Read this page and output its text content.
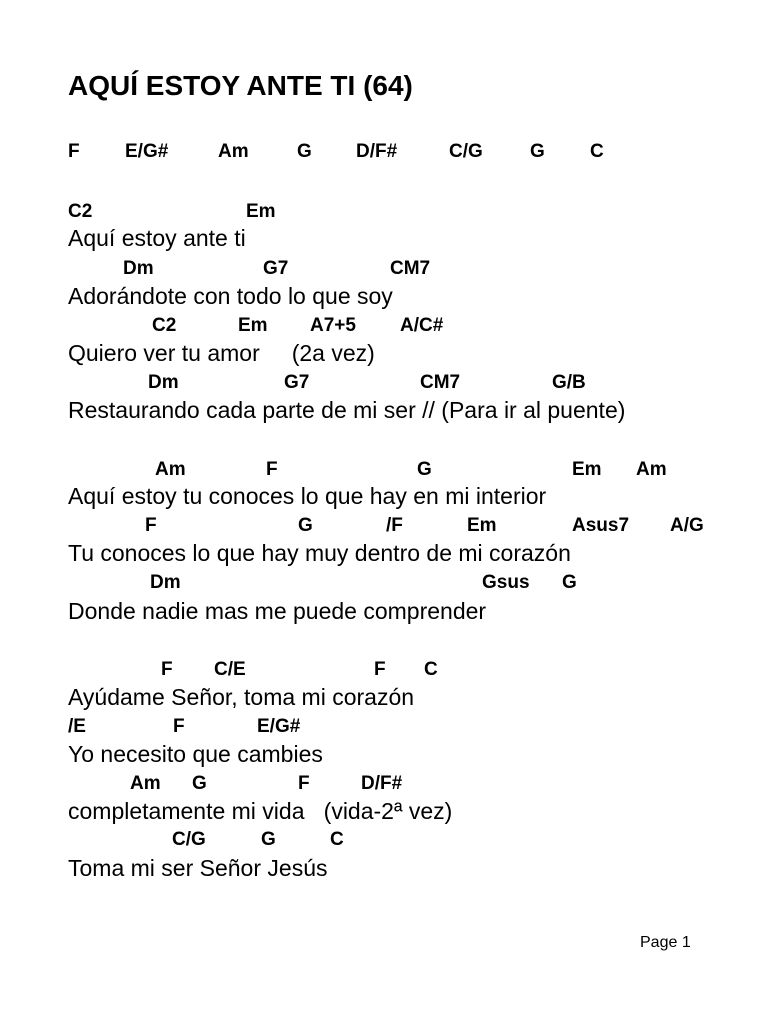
AQUÍ ESTOY ANTE TI (64)
F E/G#	Am	G D/F#	C/G G C
C2	Em
Aquí estoy ante ti
Dm	G7	CM7
Adorándote con todo lo que soy
C2	Em A7+5 A/C#
Quiero ver tu amor     (2a vez)
Dm	G7	CM7	G/B
Restaurando cada parte de mi ser // (Para ir al puente)
Am	F	G	Em Am
Aquí estoy tu conoces lo que hay en mi interior
F	G	/F	Em	Asus7 A/G
Tu conoces lo que hay muy dentro de mi corazón
Dm	Gsus G
Donde nadie mas me puede comprender
F C/E	F C
Ayúdame Señor, toma mi corazón
/E	F	E/G#
Yo necesito que cambies
Am G	F	D/F#
completamente mi vida   (vida-2ª vez)
C/G	G	C
Toma mi ser Señor Jesús
Page 1
